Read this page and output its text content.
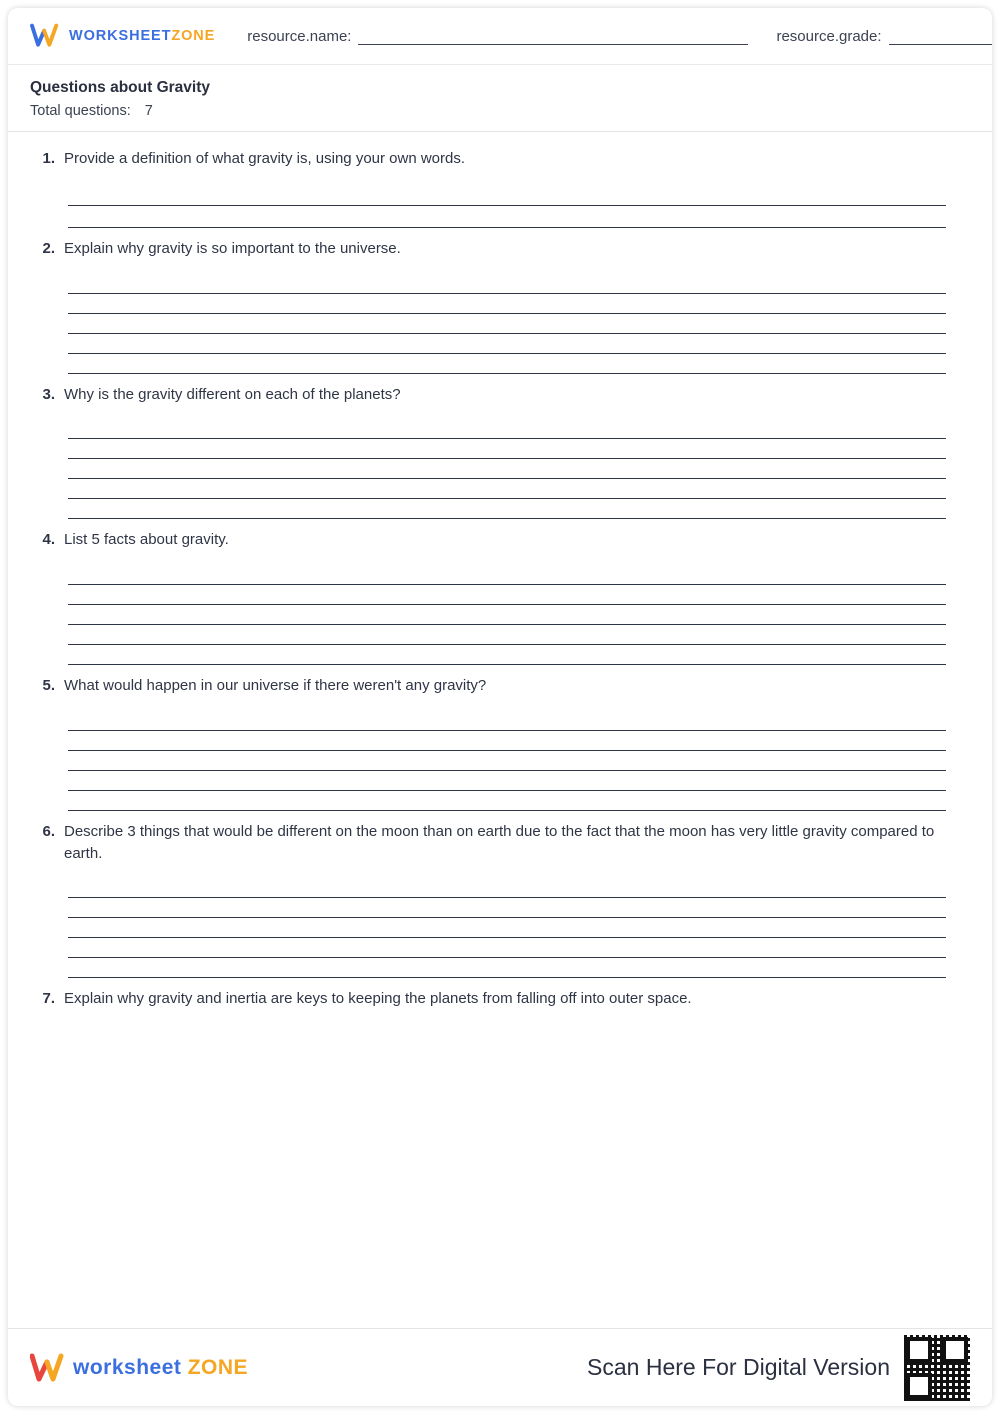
WORKSHEETZONE resource.name:	resource.grade:
Questions about Gravity
Total questions: 7
1. Provide a definition of what gravity is, using your own words.
2. Explain why gravity is so important to the universe.
3. Why is the gravity different on each of the planets?
4. List 5 facts about gravity.
5. What would happen in our universe if there weren't any gravity?
6. Describe 3 things that would be different on the moon than on earth due to the fact that the moon has very little gravity compared to earth.
7. Explain why gravity and inertia are keys to keeping the planets from falling off into outer space.
worksheet ZONE	Scan Here For Digital Version
